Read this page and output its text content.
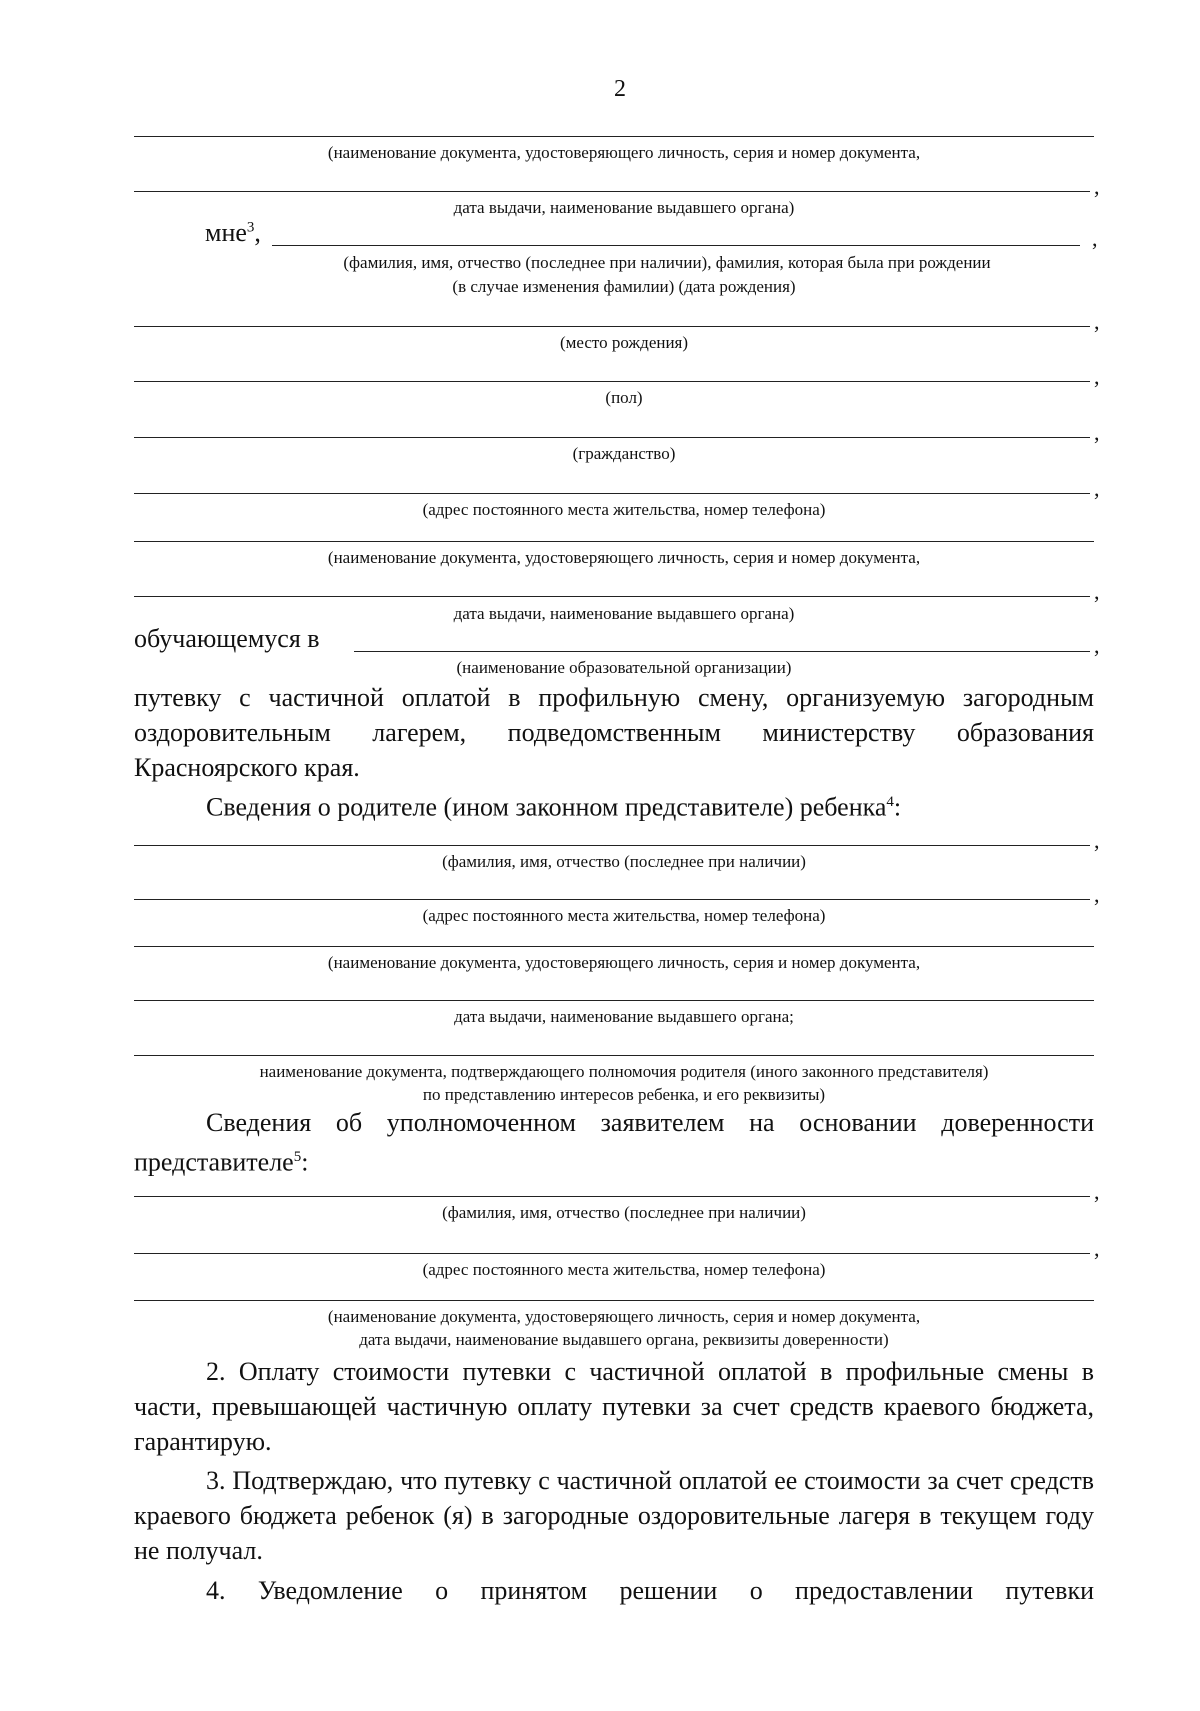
2
(наименование документа, удостоверяющего личность, серия и номер документа,
,
дата выдачи, наименование выдавшего органа)
мне$^3$,	,
(фамилия, имя, отчество (последнее при наличии), фамилия, которая была при рождении
(в случае изменения фамилии) (дата рождения)
,
(место рождения)
,
(пол)
,
(гражданство)
,
(адрес постоянного места жительства, номер телефона)
(наименование документа, удостоверяющего личность, серия и номер документа,
,
дата выдачи, наименование выдавшего органа)
обучающемуся в	,
(наименование образовательной организации)
путевку с частичной оплатой в профильную смену, организуемую загородным оздоровительным лагерем, подведомственным министерству образования Красноярского края.
Сведения о родителе (ином законном представителе) ребенка$^4$:
,
(фамилия, имя, отчество (последнее при наличии)
,
(адрес постоянного места жительства, номер телефона)
(наименование документа, удостоверяющего личность, серия и номер документа,
дата выдачи, наименование выдавшего органа;
наименование документа, подтверждающего полномочия родителя (иного законного представителя)
по представлению интересов ребенка, и его реквизиты)
Сведения об уполномоченном заявителем на основании доверенности представителе$^5$:
,
(фамилия, имя, отчество (последнее при наличии)
,
(адрес постоянного места жительства, номер телефона)
(наименование документа, удостоверяющего личность, серия и номер документа,
дата выдачи, наименование выдавшего органа, реквизиты доверенности)
2. Оплату стоимости путевки с частичной оплатой в профильные смены в части, превышающей частичную оплату путевки за счет средств краевого бюджета, гарантирую.
3. Подтверждаю, что путевку с частичной оплатой ее стоимости за счет средств краевого бюджета ребенок (я) в загородные оздоровительные лагеря в текущем году не получал.
4. Уведомление о принятом решении о предоставлении путевки
